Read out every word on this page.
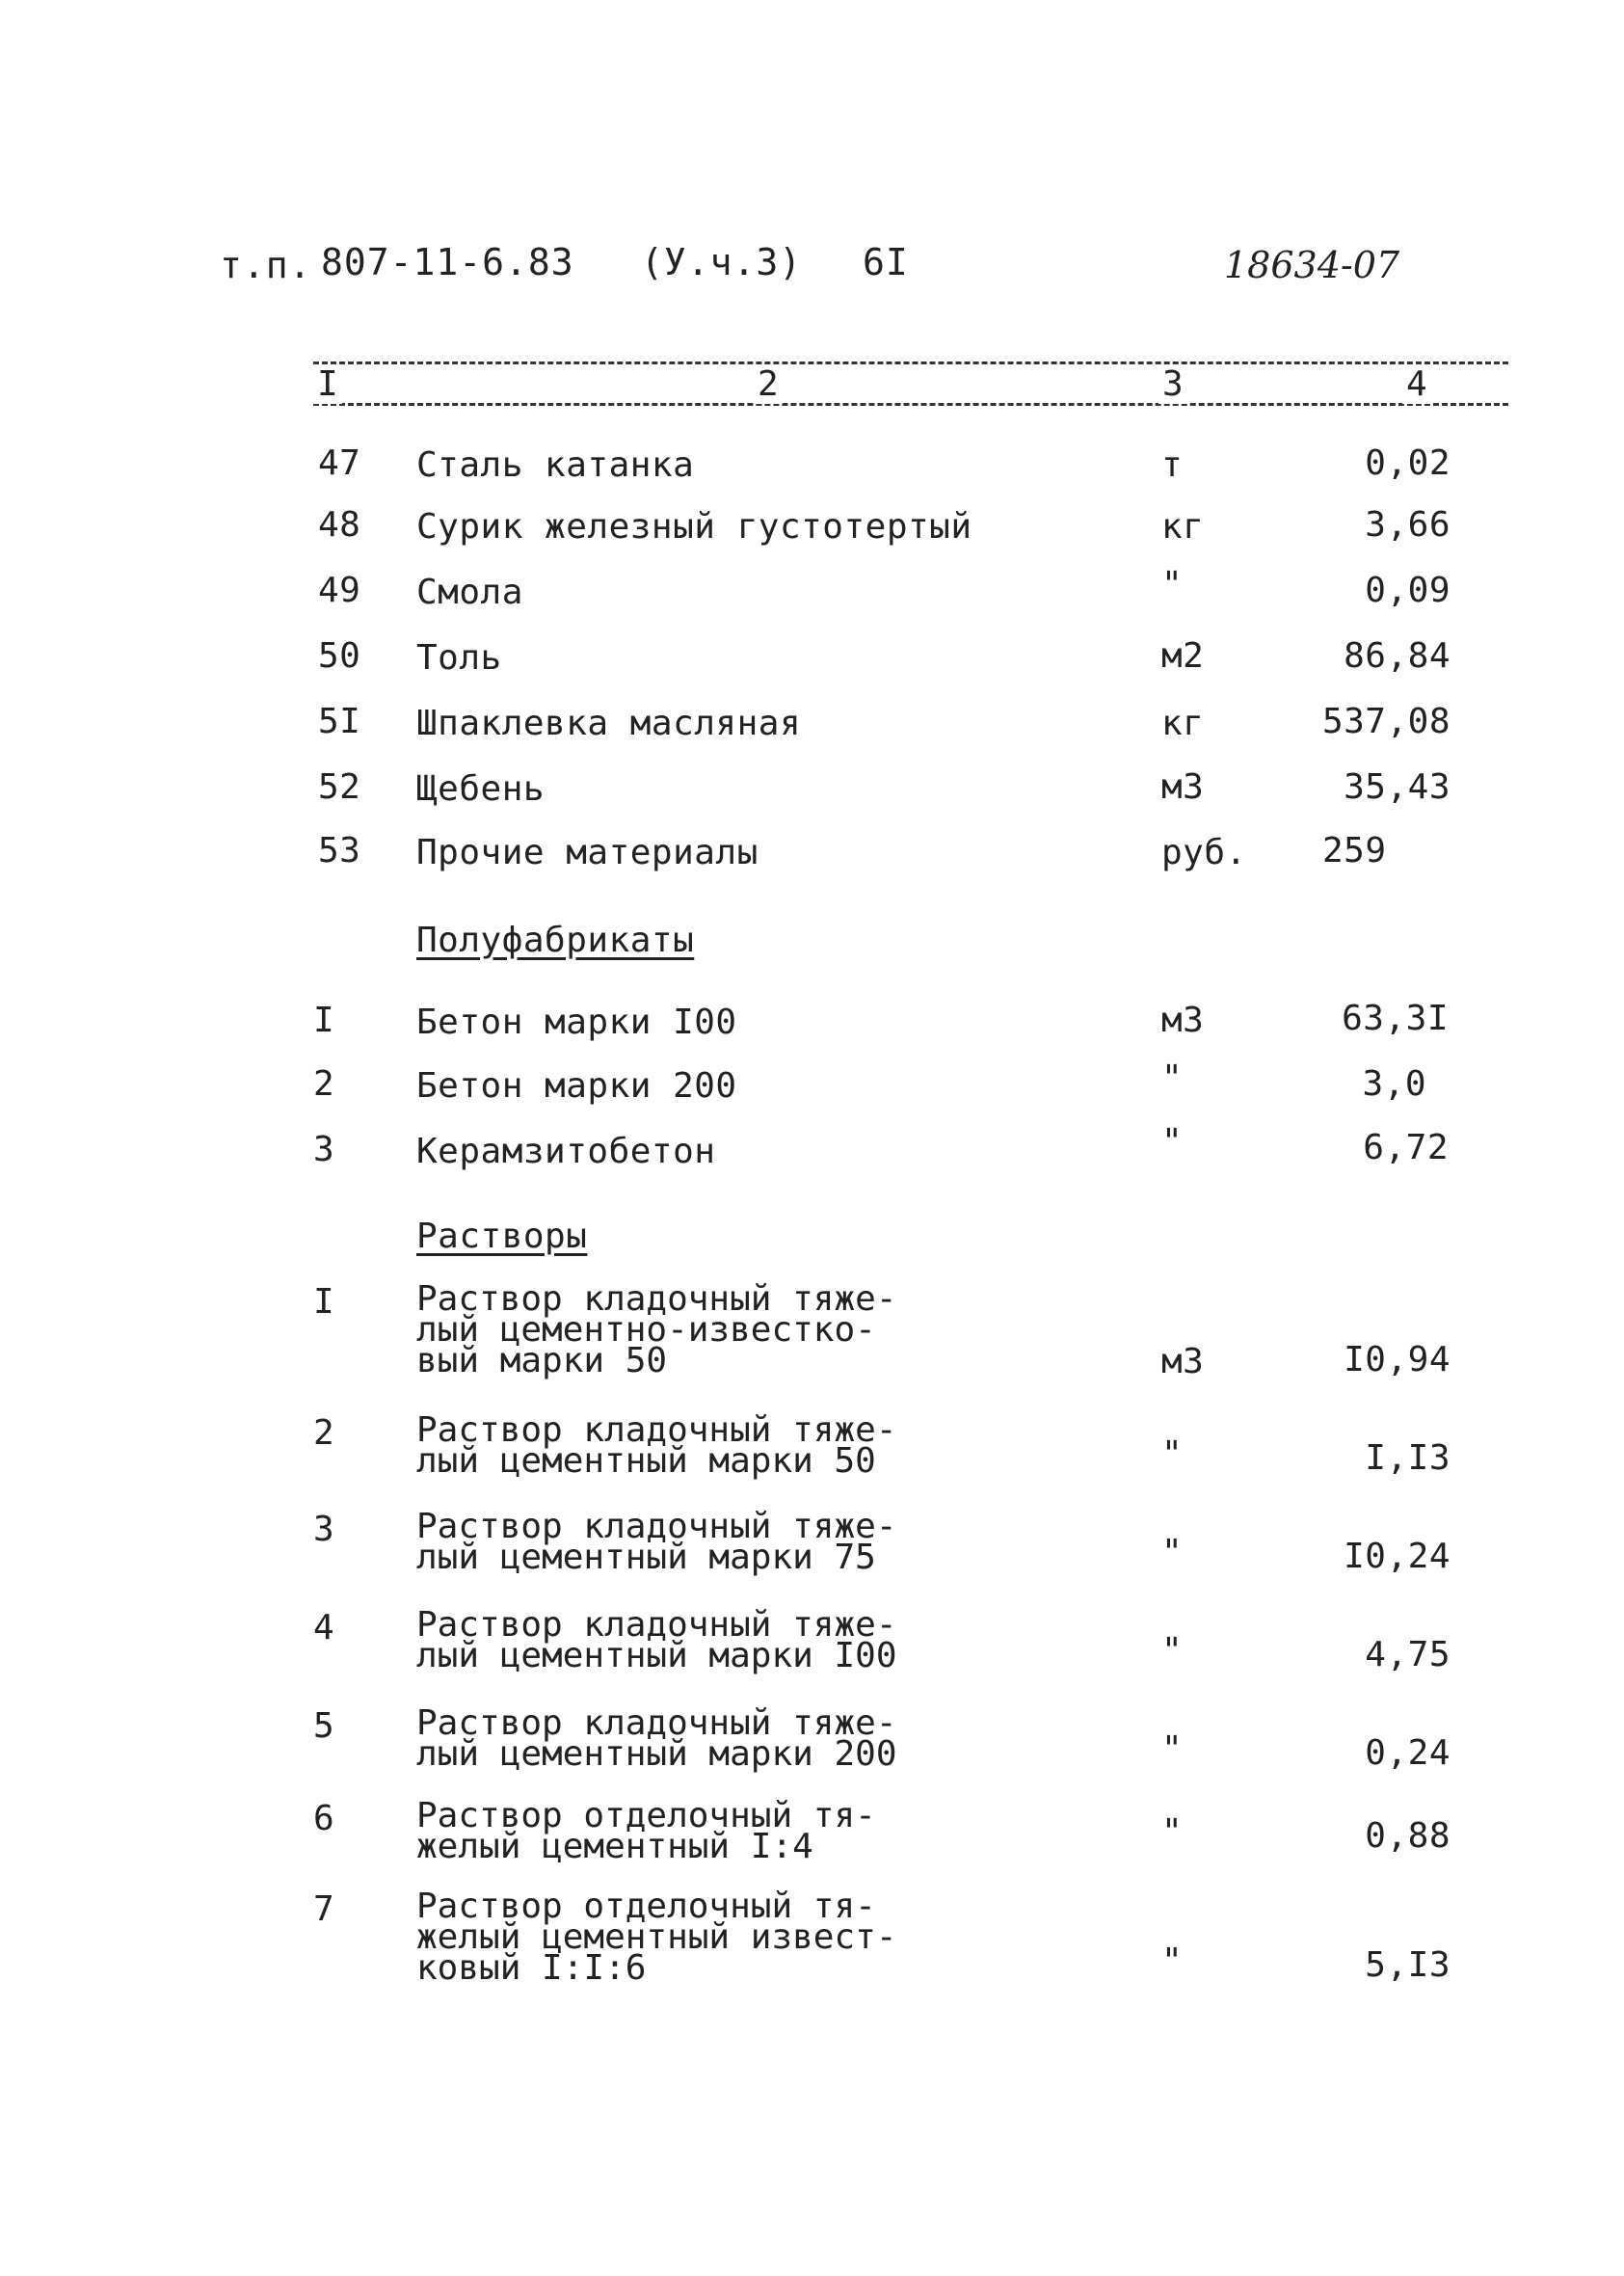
т.п. 807-11-6.83 (У.ч.3) 6I	18634-07
I	2	3	4
47 Сталь катанка	т	0,02
48 Сурик железный густотертый	кг	3,66
49 Смола	"	0,09
50 Толь	м2	86,84
5I Шпаклевка масляная	кг	537,08
52 Щебень	м3	35,43
53 Прочие материалы	руб. 259
Полуфабрикаты
I Бетон марки I00	м3	63,3I
2 Бетон марки 200	"	3,0
3 Керамзитобетон	"	6,72
Растворы
I Раствор кладочный тяже-
лый цементно-известко-
вый марки 50	м3	I0,94
2 Раствор кладочный тяже-
лый цементный марки 50	"	I,I3
3 Раствор кладочный тяже-
лый цементный марки 75	"	I0,24
4 Раствор кладочный тяже-
лый цементный марки I00	"	4,75
5 Раствор кладочный тяже-
лый цементный марки 200	"	0,24
6 Раствор отделочный тя-
желый цементный I:4	"	0,88
7 Раствор отделочный тя-
желый цементный извест-
ковый I:I:6	"	5,I3
